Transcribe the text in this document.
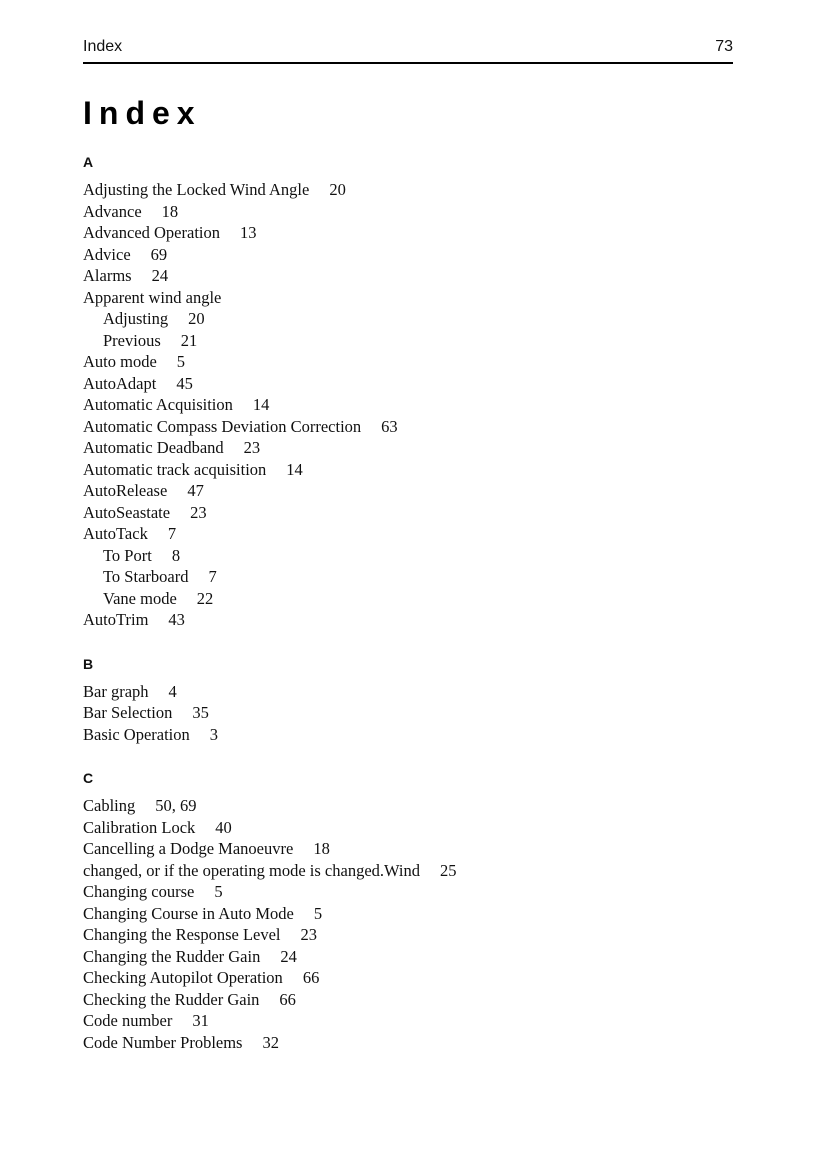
Index	73
Index
A
Adjusting the Locked Wind Angle 20
Advance 18
Advanced Operation 13
Advice 69
Alarms 24
Apparent wind angle
Adjusting 20
Previous 21
Auto mode 5
AutoAdapt 45
Automatic Acquisition 14
Automatic Compass Deviation Correction 63
Automatic Deadband 23
Automatic track acquisition 14
AutoRelease 47
AutoSeastate 23
AutoTack 7
To Port 8
To Starboard 7
Vane mode 22
AutoTrim 43
B
Bar graph 4
Bar Selection 35
Basic Operation 3
C
Cabling 50, 69
Calibration Lock 40
Cancelling a Dodge Manoeuvre 18
changed, or if the operating mode is changed.Wind 25
Changing course 5
Changing Course in Auto Mode 5
Changing the Response Level 23
Changing the Rudder Gain 24
Checking Autopilot Operation 66
Checking the Rudder Gain 66
Code number 31
Code Number Problems 32
